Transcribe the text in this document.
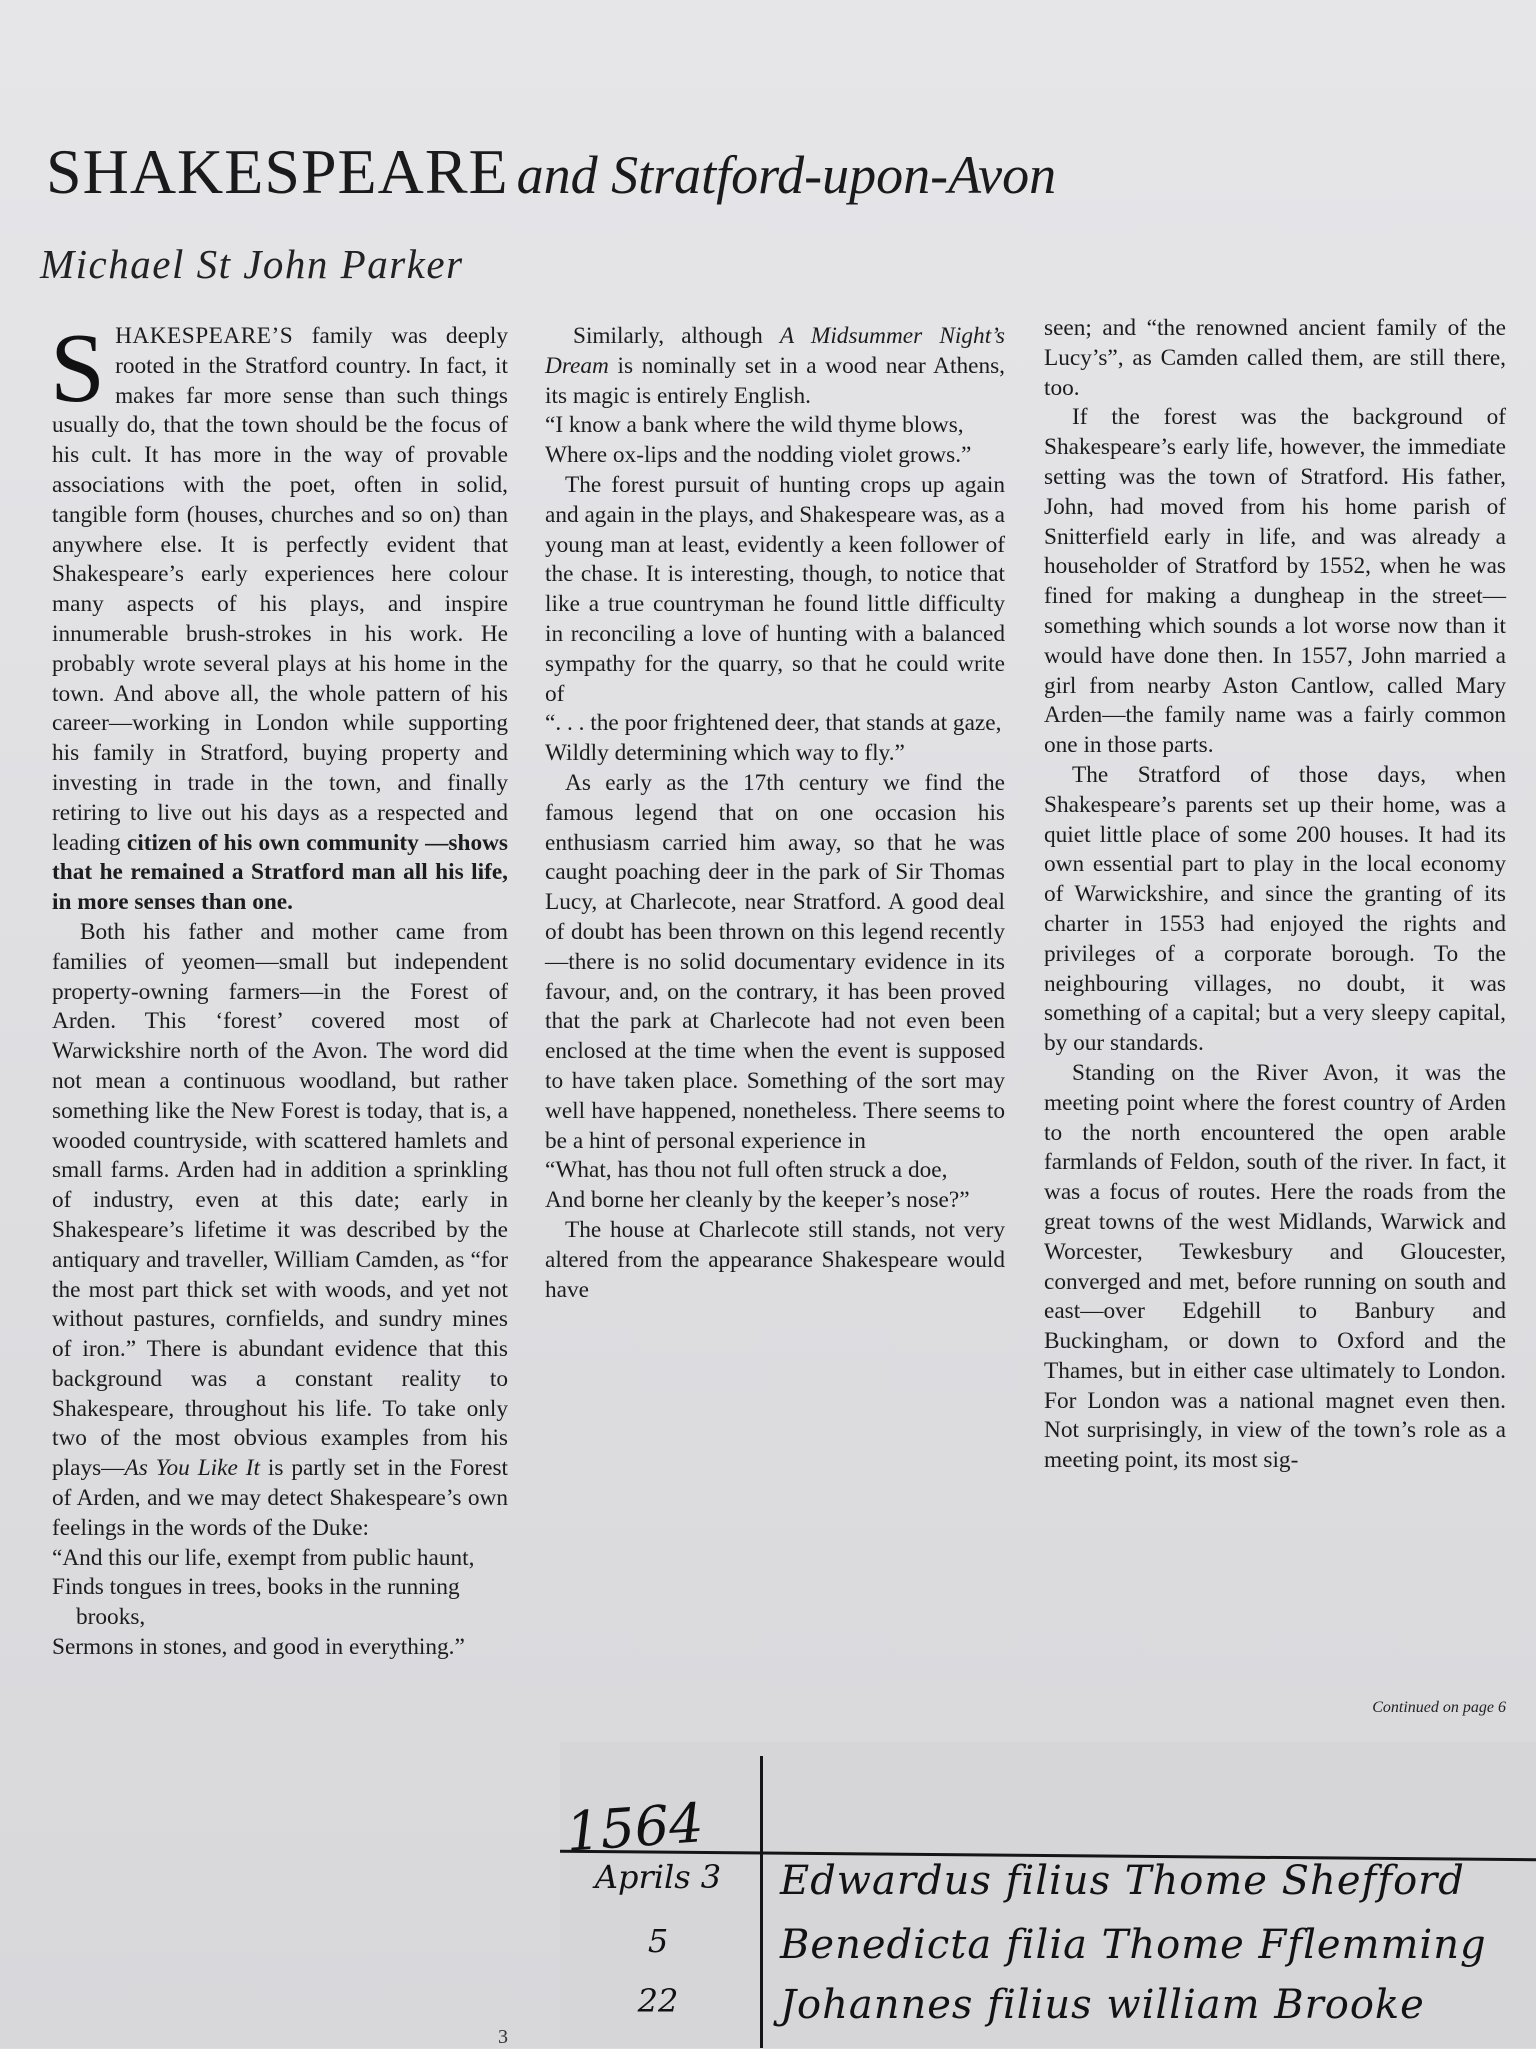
SHAKESPEARE and Stratford-upon-Avon
Michael St John Parker

SHAKESPEARE’S family was deeply rooted in the Stratford country. In fact, it makes far more sense than such things usually do, that the town should be the focus of his cult. It has more in the way of provable associations with the poet, often in solid, tangible form (houses, churches and so on) than anywhere else. It is perfectly evident that Shakespeare’s early experiences here colour many aspects of his plays, and inspire innumerable brush-strokes in his work. He probably wrote several plays at his home in the town. And above all, the whole pattern of his career—working in London while supporting his family in Stratford, buying property and investing in trade in the town, and finally retiring to live out his days as a respected and leading citizen of his own community —shows that he remained a Stratford man all his life, in more senses than one.

Both his father and mother came from families of yeomen—small but independent property-owning farmers—in the Forest of Arden. This ‘forest’ covered most of Warwickshire north of the Avon. The word did not mean a continuous woodland, but rather something like the New Forest is today, that is, a wooded countryside, with scattered hamlets and small farms. Arden had in addition a sprinkling of industry, even at this date; early in Shakespeare’s lifetime it was described by the antiquary and traveller, William Camden, as “for the most part thick set with woods, and yet not without pastures, cornfields, and sundry mines of iron.” There is abundant evidence that this background was a constant reality to Shakespeare, throughout his life. To take only two of the most obvious examples from his plays—As You Like It is partly set in the Forest of Arden, and we may detect Shakespeare’s own feelings in the words of the Duke:

“And this our life, exempt from public haunt,
Finds tongues in trees, books in the running brooks,
Sermons in stones, and good in everything.”

Similarly, although A Midsummer Night’s Dream is nominally set in a wood near Athens, its magic is entirely English.

“I know a bank where the wild thyme blows,
Where ox-lips and the nodding violet grows.”

The forest pursuit of hunting crops up again and again in the plays, and Shakespeare was, as a young man at least, evidently a keen follower of the chase. It is interesting, though, to notice that like a true countryman he found little difficulty in reconciling a love of hunting with a balanced sympathy for the quarry, so that he could write of

“. . . the poor frightened deer, that stands at gaze,
Wildly determining which way to fly.”

As early as the 17th century we find the famous legend that on one occasion his enthusiasm carried him away, so that he was caught poaching deer in the park of Sir Thomas Lucy, at Charlecote, near Stratford. A good deal of doubt has been thrown on this legend recently—there is no solid documentary evidence in its favour, and, on the contrary, it has been proved that the park at Charlecote had not even been enclosed at the time when the event is supposed to have taken place. Something of the sort may well have happened, nonetheless. There seems to be a hint of personal experience in

“What, has thou not full often struck a doe,
And borne her cleanly by the keeper’s nose?”

The house at Charlecote still stands, not very altered from the appearance Shakespeare would have

seen; and “the renowned ancient family of the Lucy’s”, as Camden called them, are still there, too.

If the forest was the background of Shakespeare’s early life, however, the immediate setting was the town of Stratford. His father, John, had moved from his home parish of Snitterfield early in life, and was already a householder of Stratford by 1552, when he was fined for making a dungheap in the street—something which sounds a lot worse now than it would have done then. In 1557, John married a girl from nearby Aston Cantlow, called Mary Arden—the family name was a fairly common one in those parts.

The Stratford of those days, when Shakespeare’s parents set up their home, was a quiet little place of some 200 houses. It had its own essential part to play in the local economy of Warwickshire, and since the granting of its charter in 1553 had enjoyed the rights and privileges of a corporate borough. To the neighbouring villages, no doubt, it was something of a capital; but a very sleepy capital, by our standards.

Standing on the River Avon, it was the meeting point where the forest country of Arden to the north encountered the open arable farmlands of Feldon, south of the river. In fact, it was a focus of routes. Here the roads from the great towns of the west Midlands, Warwick and Worcester, Tewkesbury and Gloucester, converged and met, before running on south and east—over Edgehill to Banbury and Buckingham, or down to Oxford and the Thames, but in either case ultimately to London. For London was a national magnet even then. Not surprisingly, in view of the town’s role as a meeting point, its most sig-

Continued on page 6
1564
Aprils 3	Edwardus filius Thome Shefford
5	Benedicta filia Thome Fflemming
22	Johannes filius william Brooke
3
